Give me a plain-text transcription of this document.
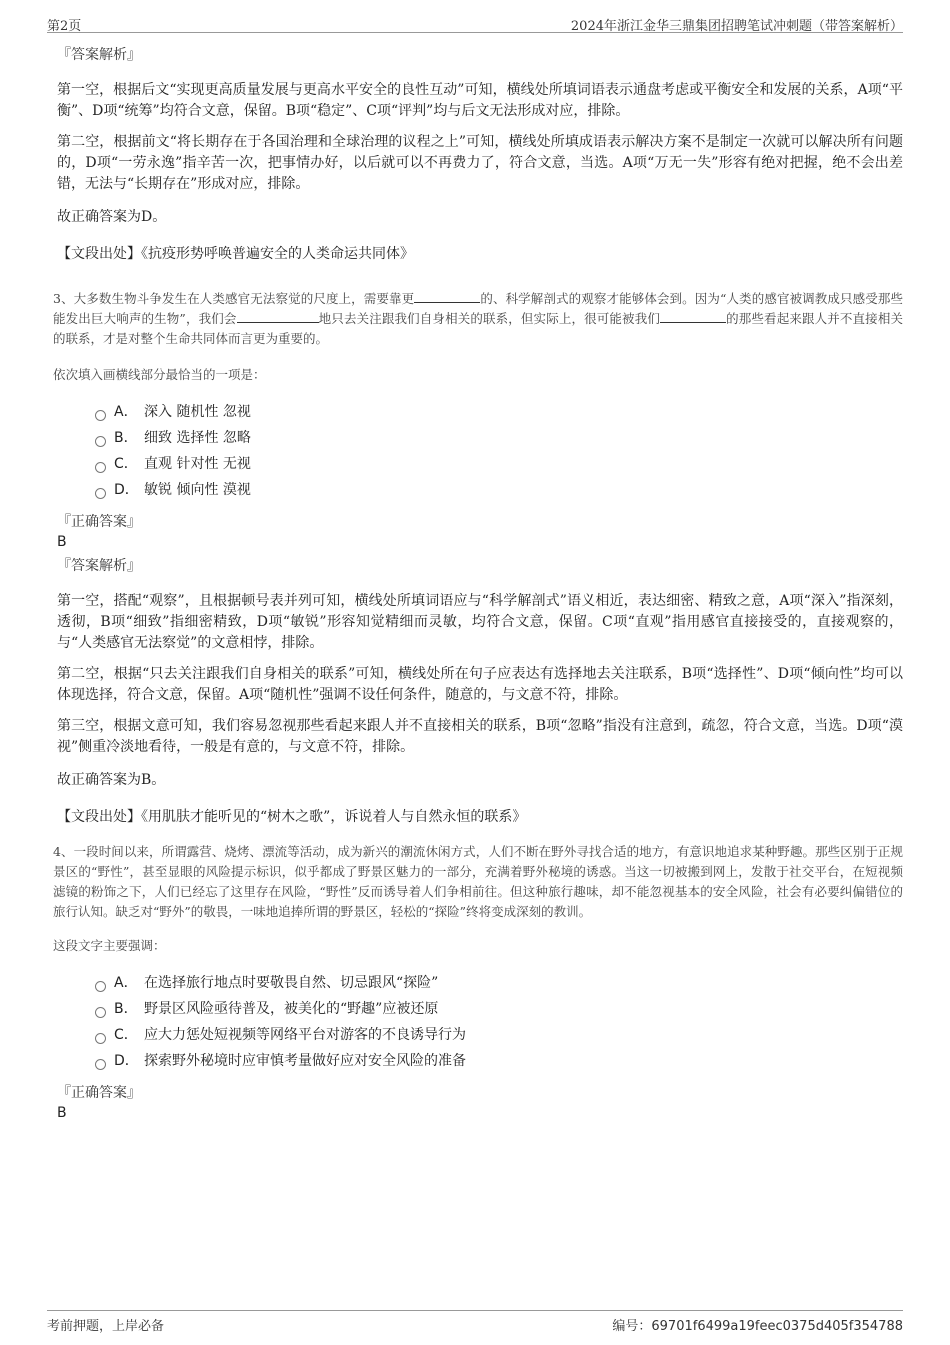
第2页	2024年浙江金华三鼎集团招聘笔试冲刺题（带答案解析）

『答案解析』

第一空，根据后文“实现更高质量发展与更高水平安全的良性互动”可知，横线处所填词语表示通盘考虑或平衡安全和发展的关系，A项“平衡”、D项“统筹”均符合文意，保留。B项“稳定”、C项“评判”均与后文无法形成对应，排除。

第二空，根据前文“将长期存在于各国治理和全球治理的议程之上”可知，横线处所填成语表示解决方案不是制定一次就可以解决所有问题的，D项“一劳永逸”指辛苦一次，把事情办好，以后就可以不再费力了，符合文意，当选。A项“万无一失”形容有绝对把握，绝不会出差错，无法与“长期存在”形成对应，排除。

故正确答案为D。

【文段出处】《抗疫形势呼唤普遍安全的人类命运共同体》

3、大多数生物斗争发生在人类感官无法察觉的尺度上，需要靠更	的、科学解剖式的观察才能够体会到。因为“人类的感官被调教成只感受那些能发出巨大响声的生物”，我们会	地只去关注跟我们自身相关的联系，但实际上，很可能被我们	的那些看起来跟人并不直接相关的联系，才是对整个生命共同体而言更为重要的。

依次填入画横线部分最恰当的一项是：

A． 深入 随机性 忽视
B． 细致 选择性 忽略
C． 直观 针对性 无视
D． 敏锐 倾向性 漠视

『正确答案』

B

『答案解析』

第一空，搭配“观察”，且根据顿号表并列可知，横线处所填词语应与“科学解剖式”语义相近，表达细密、精致之意，A项“深入”指深刻，透彻，B项“细致”指细密精致，D项“敏锐”形容知觉精细而灵敏，均符合文意，保留。C项“直观”指用感官直接接受的，直接观察的，与“人类感官无法察觉”的文意相悖，排除。

第二空，根据“只去关注跟我们自身相关的联系”可知，横线处所在句子应表达有选择地去关注联系，B项“选择性”、D项“倾向性”均可以体现选择，符合文意，保留。A项“随机性”强调不设任何条件，随意的，与文意不符，排除。

第三空，根据文意可知，我们容易忽视那些看起来跟人并不直接相关的联系，B项“忽略”指没有注意到，疏忽，符合文意，当选。D项“漠视”侧重冷淡地看待，一般是有意的，与文意不符，排除。

故正确答案为B。

【文段出处】《用肌肤才能听见的“树木之歌”，诉说着人与自然永恒的联系》

4、一段时间以来，所谓露营、烧烤、漂流等活动，成为新兴的潮流休闲方式，人们不断在野外寻找合适的地方，有意识地追求某种野趣。那些区别于正规景区的“野性”，甚至显眼的风险提示标识，似乎都成了野景区魅力的一部分，充满着野外秘境的诱惑。当这一切被搬到网上，发散于社交平台，在短视频滤镜的粉饰之下，人们已经忘了这里存在风险，“野性”反而诱导着人们争相前往。但这种旅行趣味，却不能忽视基本的安全风险，社会有必要纠偏错位的旅行认知。缺乏对“野外”的敬畏，一味地追捧所谓的野景区，轻松的“探险”终将变成深刻的教训。

这段文字主要强调：

A． 在选择旅行地点时要敬畏自然、切忌跟风“探险”
B． 野景区风险亟待普及，被美化的“野趣”应被还原
C． 应大力惩处短视频等网络平台对游客的不良诱导行为
D． 探索野外秘境时应审慎考量做好应对安全风险的准备

『正确答案』

B

考前押题，上岸必备	编号：69701f6499a19feec0375d405f354788
